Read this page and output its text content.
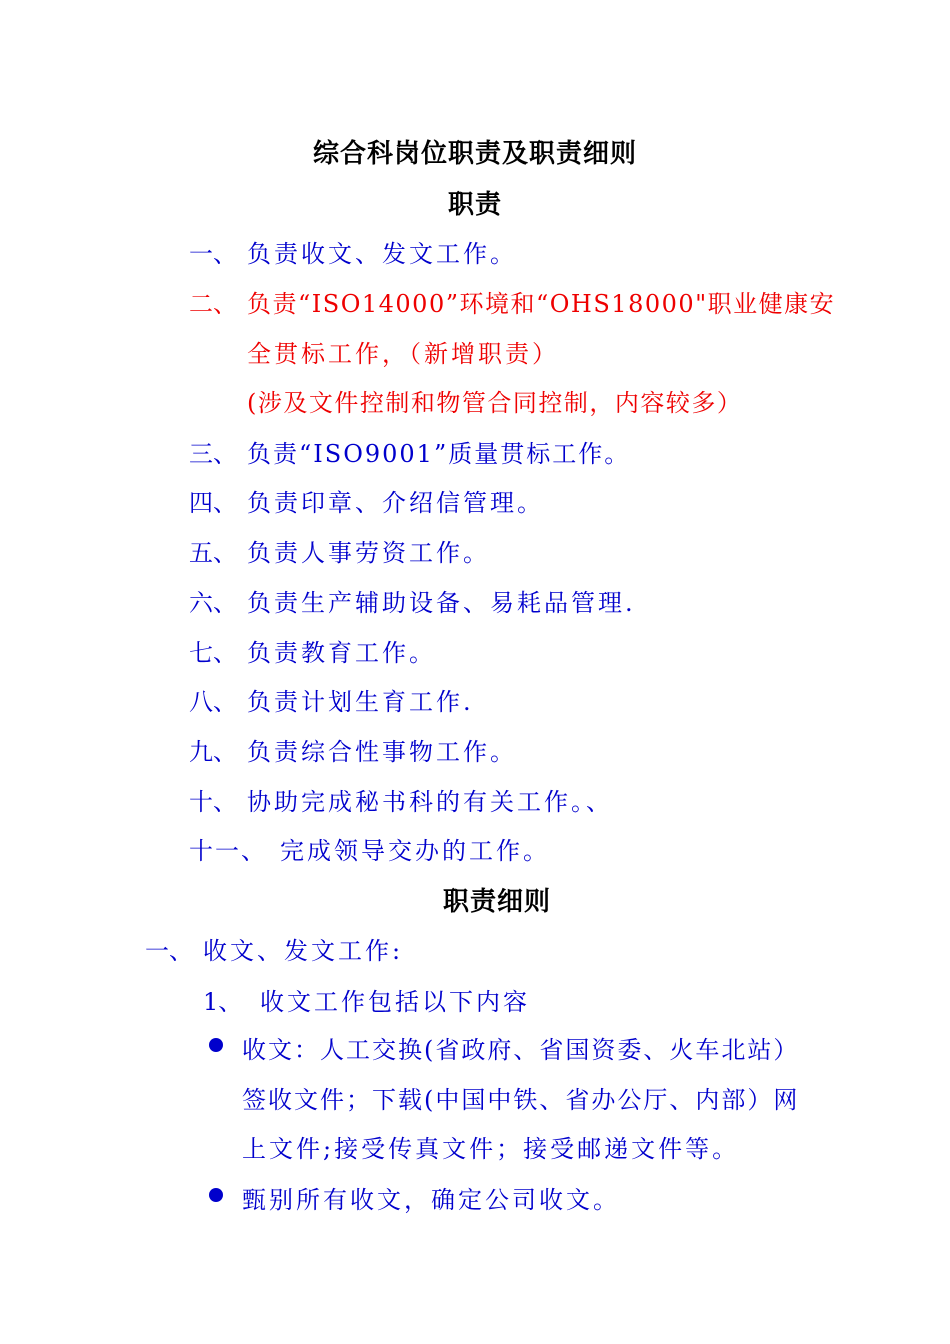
综合科岗位职责及职责细则
职责
一、 负责收文、发文工作。
二、 负责“ISO14000”环境和“OHS18000"职业健康安
全贯标工作，（新增职责）
(涉及文件控制和物管合同控制，内容较多）
三、 负责“ISO9001”质量贯标工作。
四、 负责印章、介绍信管理。
五、 负责人事劳资工作。
六、 负责生产辅助设备、易耗品管理.
七、 负责教育工作。
八、 负责计划生育工作.
九、 负责综合性事物工作。
十、 协助完成秘书科的有关工作。、
十一、 完成领导交办的工作。
职责细则
一、 收文、发文工作:
1、 收文工作包括以下内容
收文：人工交换(省政府、省国资委、火车北站）
签收文件；下载(中国中铁、省办公厅、内部）网
上文件;接受传真文件；接受邮递文件等。
甄别所有收文，确定公司收文。
